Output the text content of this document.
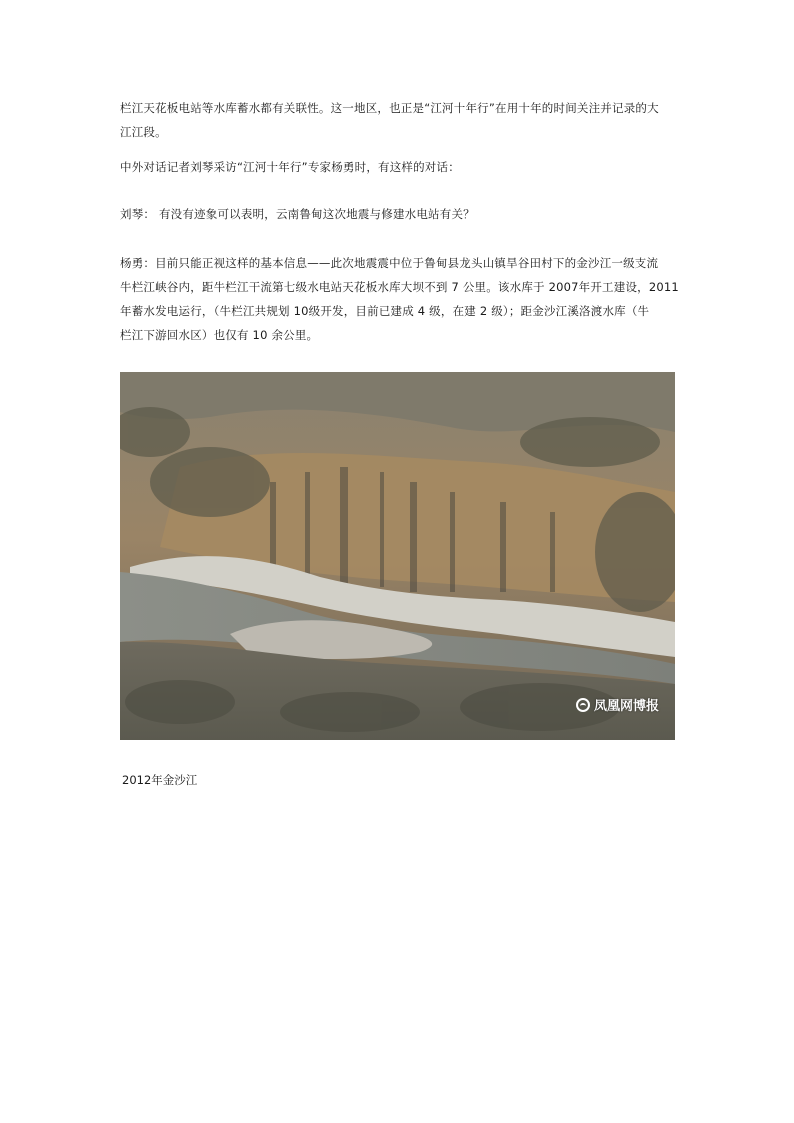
栏江天花板电站等水库蓄水都有关联性。这一地区，也正是“江河十年行”在用十年的时间关注并记录的大
江江段。
中外对话记者刘琴采访“江河十年行”专家杨勇时，有这样的对话：
刘琴： 有没有迹象可以表明，云南鲁甸这次地震与修建水电站有关？
杨勇：目前只能正视这样的基本信息——此次地震震中位于鲁甸县龙头山镇旱谷田村下的金沙江一级支流
牛栏江峡谷内，距牛栏江干流第七级水电站天花板水库大坝不到 7 公里。该水库于 2007年开工建设，2011
年蓄水发电运行，（牛栏江共规划 10级开发，目前已建成 4 级，在建 2 级）；距金沙江溪洛渡水库（牛
栏江下游回水区）也仅有 10 余公里。
凤凰网博报
2012年金沙江
